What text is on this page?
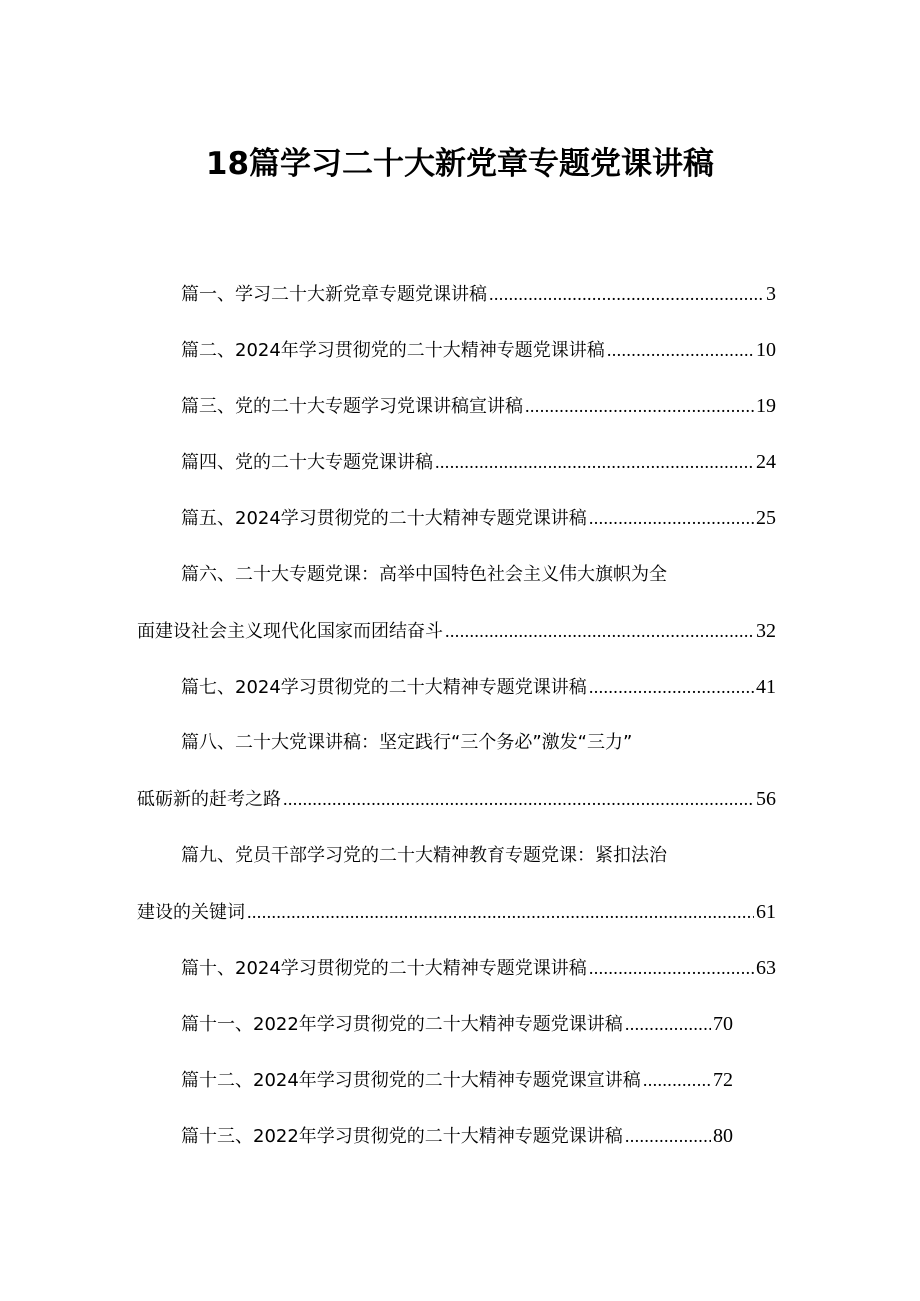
18篇学习二十大新党章专题党课讲稿
篇一、学习二十大新党章专题党课讲稿 .....	3
篇二、2024年学习贯彻党的二十大精神专题党课讲稿 .....	10
篇三、党的二十大专题学习党课讲稿宣讲稿 .....	19
篇四、党的二十大专题党课讲稿 .....	24
篇五、2024学习贯彻党的二十大精神专题党课讲稿 .....	25
篇六、二十大专题党课：高举中国特色社会主义伟大旗帜为全
面建设社会主义现代化国家而团结奋斗 .....	32
篇七、2024学习贯彻党的二十大精神专题党课讲稿 .....	41
篇八、二十大党课讲稿：坚定践行“三个务必”激发“三力”
砥砺新的赶考之路 .....	56
篇九、党员干部学习党的二十大精神教育专题党课：紧扣法治
建设的关键词 .....	61
篇十、2024学习贯彻党的二十大精神专题党课讲稿 .....	63
篇十一、2022年学习贯彻党的二十大精神专题党课讲稿 .....	70
篇十二、2024年学习贯彻党的二十大精神专题党课宣讲稿 .....	72
篇十三、2022年学习贯彻党的二十大精神专题党课讲稿 .....	80
